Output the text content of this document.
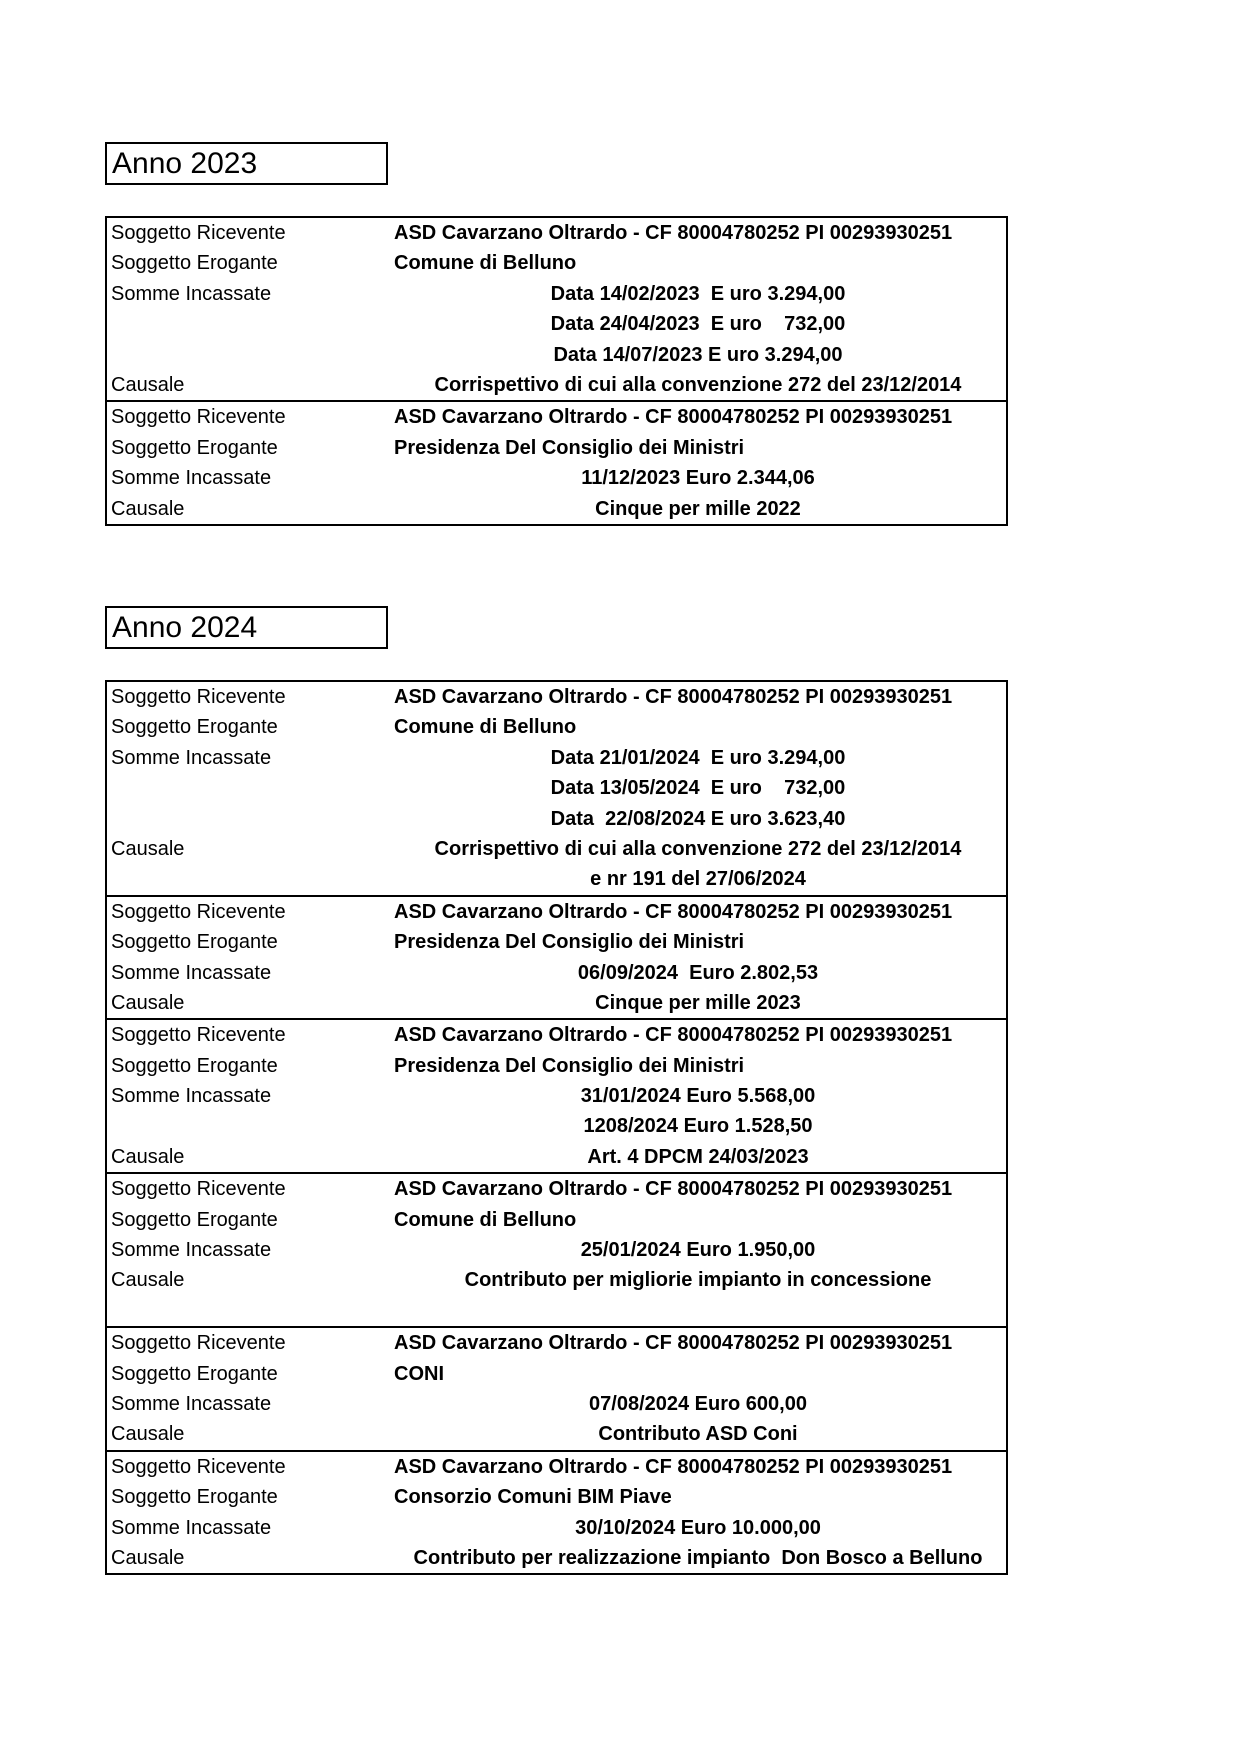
Anno 2023
Soggetto Ricevente	ASD Cavarzano Oltrardo - CF 80004780252 PI 00293930251
Soggetto Erogante	Comune di Belluno
Somme Incassate	Data 14/02/2023  E uro 3.294,00
Data 24/04/2023  E uro    732,00
Data 14/07/2023 E uro 3.294,00
Causale	Corrispettivo di cui alla convenzione 272 del 23/12/2014
Soggetto Ricevente	ASD Cavarzano Oltrardo - CF 80004780252 PI 00293930251
Soggetto Erogante	Presidenza Del Consiglio dei Ministri
Somme Incassate	11/12/2023 Euro 2.344,06
Causale	Cinque per mille 2022
Anno 2024
Soggetto Ricevente	ASD Cavarzano Oltrardo - CF 80004780252 PI 00293930251
Soggetto Erogante	Comune di Belluno
Somme Incassate	Data 21/01/2024  E uro 3.294,00
Data 13/05/2024  E uro    732,00
Data  22/08/2024 E uro 3.623,40
Causale	Corrispettivo di cui alla convenzione 272 del 23/12/2014
e nr 191 del 27/06/2024
Soggetto Ricevente	ASD Cavarzano Oltrardo - CF 80004780252 PI 00293930251
Soggetto Erogante	Presidenza Del Consiglio dei Ministri
Somme Incassate	06/09/2024  Euro 2.802,53
Causale	Cinque per mille 2023
Soggetto Ricevente	ASD Cavarzano Oltrardo - CF 80004780252 PI 00293930251
Soggetto Erogante	Presidenza Del Consiglio dei Ministri
Somme Incassate	31/01/2024 Euro 5.568,00
1208/2024 Euro 1.528,50
Causale	Art. 4 DPCM 24/03/2023
Soggetto Ricevente	ASD Cavarzano Oltrardo - CF 80004780252 PI 00293930251
Soggetto Erogante	Comune di Belluno
Somme Incassate	25/01/2024 Euro 1.950,00
Causale	Contributo per migliorie impianto in concessione
Soggetto Ricevente	ASD Cavarzano Oltrardo - CF 80004780252 PI 00293930251
Soggetto Erogante	CONI
Somme Incassate	07/08/2024 Euro 600,00
Causale	Contributo ASD Coni
Soggetto Ricevente	ASD Cavarzano Oltrardo - CF 80004780252 PI 00293930251
Soggetto Erogante	Consorzio Comuni BIM Piave
Somme Incassate	30/10/2024 Euro 10.000,00
Causale	Contributo per realizzazione impianto  Don Bosco a Belluno
